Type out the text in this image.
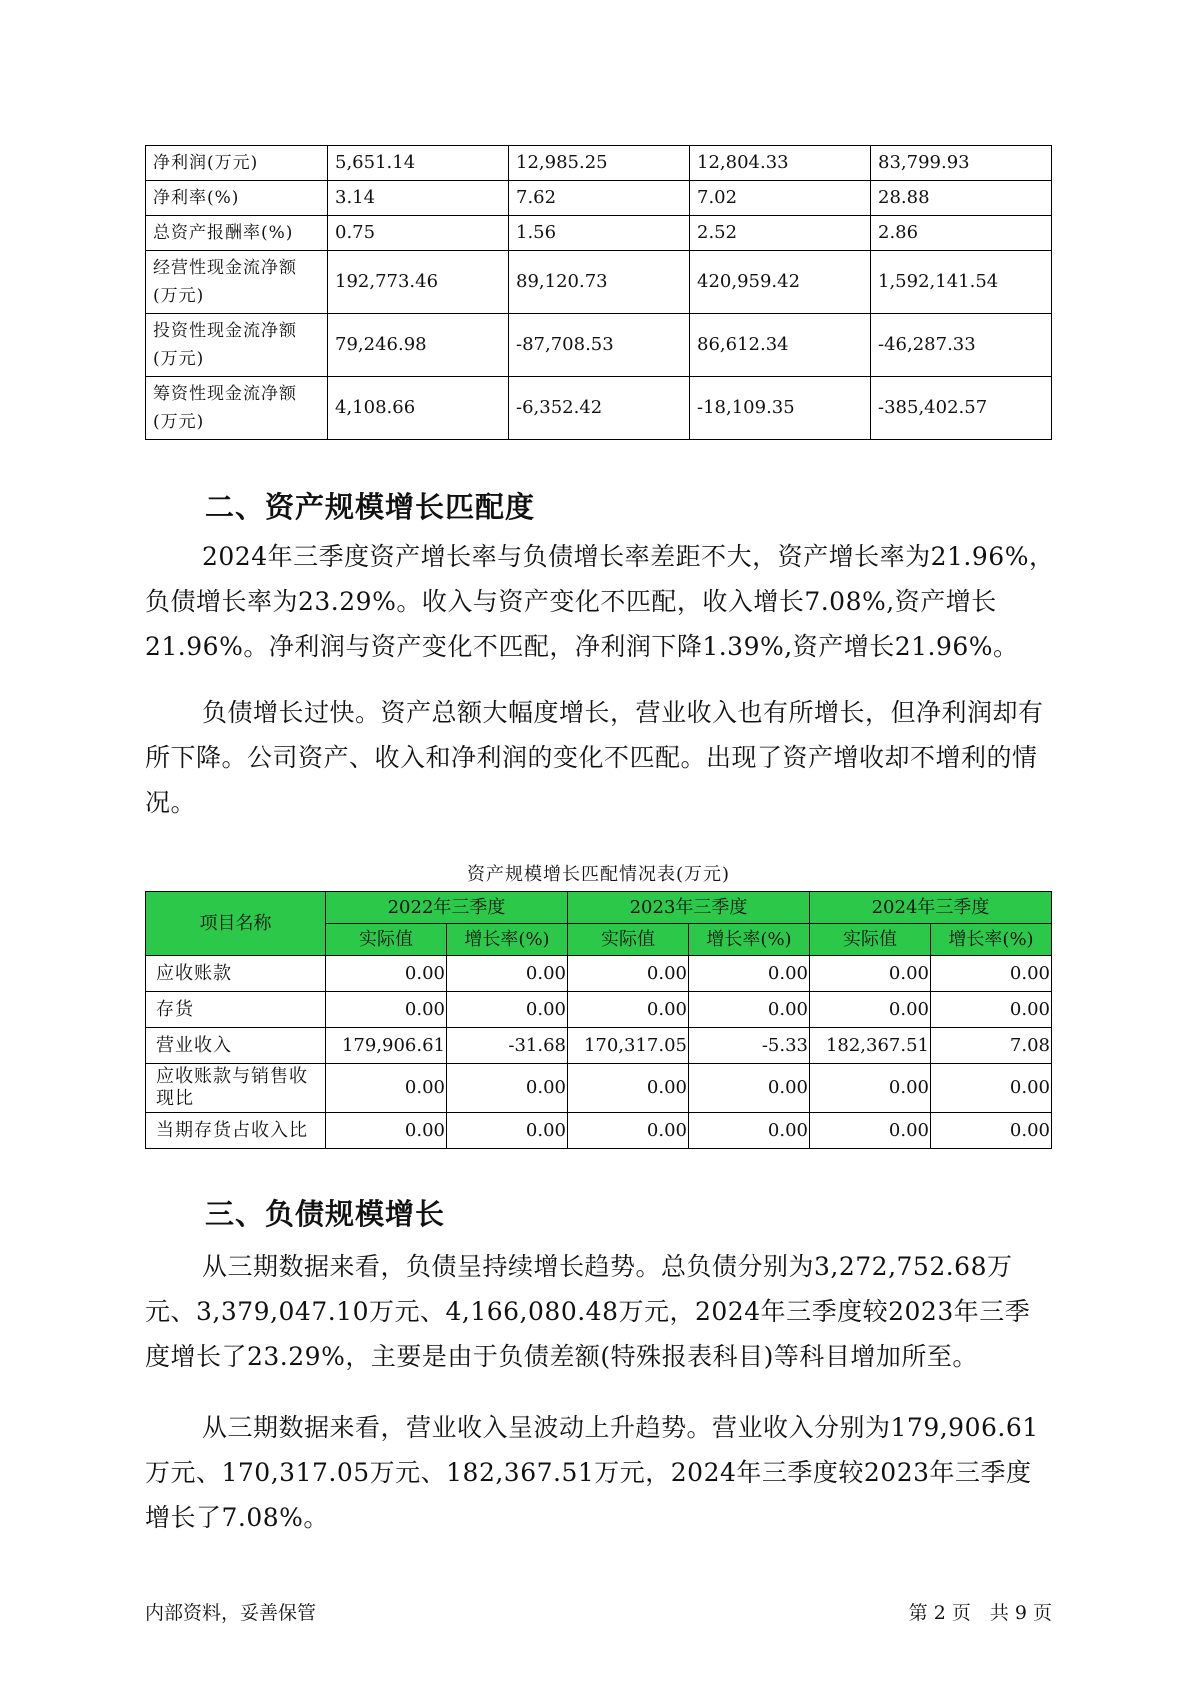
净利润(万元)	5,651.14	12,985.25	12,804.33	83,799.93
净利率(%)	3.14	7.62	7.02	28.88
总资产报酬率(%)	0.75	1.56	2.52	2.86
经营性现金流净额(万元)	192,773.46	89,120.73	420,959.42	1,592,141.54
投资性现金流净额(万元)	79,246.98	-87,708.53	86,612.34	-46,287.33
筹资性现金流净额(万元)	4,108.66	-6,352.42	-18,109.35	-385,402.57
二、资产规模增长匹配度

2024年三季度资产增长率与负债增长率差距不大，资产增长率为21.96%，负债增长率为23.29%。收入与资产变化不匹配，收入增长7.08%,资产增长21.96%。净利润与资产变化不匹配，净利润下降1.39%,资产增长21.96%。

负债增长过快。资产总额大幅度增长，营业收入也有所增长，但净利润却有所下降。公司资产、收入和净利润的变化不匹配。出现了资产增收却不增利的情况。

资产规模增长匹配情况表(万元)
项目名称	2022年三季度		2023年三季度		2024年三季度	
	实际值	增长率(%)	实际值	增长率(%)	实际值	增长率(%)
应收账款	0.00	0.00	0.00	0.00	0.00	0.00
存货	0.00	0.00	0.00	0.00	0.00	0.00
营业收入	179,906.61	-31.68	170,317.05	-5.33	182,367.51	7.08
应收账款与销售收现比	0.00	0.00	0.00	0.00	0.00	0.00
当期存货占收入比	0.00	0.00	0.00	0.00	0.00	0.00
三、负债规模增长

从三期数据来看，负债呈持续增长趋势。总负债分别为3,272,752.68万元、3,379,047.10万元、4,166,080.48万元，2024年三季度较2023年三季度增长了23.29%，主要是由于负债差额(特殊报表科目)等科目增加所至。

从三期数据来看，营业收入呈波动上升趋势。营业收入分别为179,906.61万元、170,317.05万元、182,367.51万元，2024年三季度较2023年三季度增长了7.08%。

内部资料，妥善保管	第 2 页　共 9 页
